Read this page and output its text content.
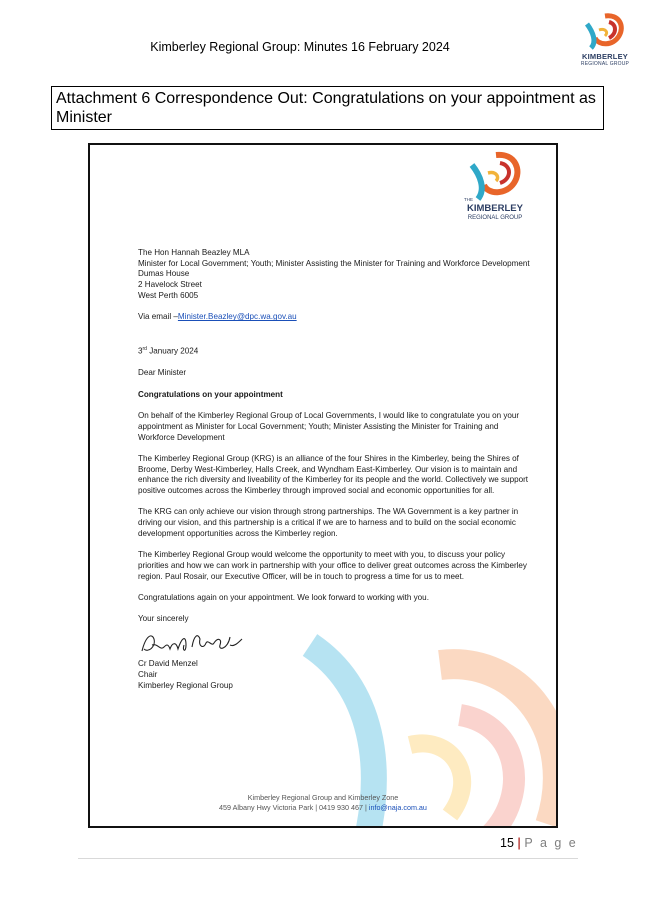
Kimberley Regional Group: Minutes 16 February 2024
KIMBERLEY
REGIONAL GROUP
Attachment 6 Correspondence Out: Congratulations on your appointment as Minister
THE
KIMBERLEY
REGIONAL GROUP

The Hon Hannah Beazley MLA

Minister for Local Government; Youth; Minister Assisting the Minister for Training and Workforce Development

Dumas House

2 Havelock Street

West Perth 6005

Via email –Minister.Beazley@dpc.wa.gov.au

3rd January 2024

Dear Minister

Congratulations on your appointment

On behalf of the Kimberley Regional Group of Local Governments, I would like to congratulate you on your appointment as Minister for Local Government; Youth; Minister Assisting the Minister for Training and Workforce Development

The Kimberley Regional Group (KRG) is an alliance of the four Shires in the Kimberley, being the Shires of Broome, Derby West-Kimberley, Halls Creek, and Wyndham East-Kimberley. Our vision is to maintain and enhance the rich diversity and liveability of the Kimberley for its people and the world. Collectively we support positive outcomes across the Kimberley through improved social and economic opportunities for all.

The KRG can only achieve our vision through strong partnerships. The WA Government is a key partner in driving our vision, and this partnership is a critical if we are to harness and to build on the social economic development opportunities across the Kimberley region.

The Kimberley Regional Group would welcome the opportunity to meet with you, to discuss your policy priorities and how we can work in partnership with your office to deliver great outcomes across the Kimberley region. Paul Rosair, our Executive Officer, will be in touch to progress a time for us to meet.

Congratulations again on your appointment. We look forward to working with you.

Your sincerely

Cr David Menzel

Chair

Kimberley Regional Group

Kimberley Regional Group and Kimberley Zone
459 Albany Hwy Victoria Park | 0419 930 467 | info@naja.com.au
15 | P a g e
